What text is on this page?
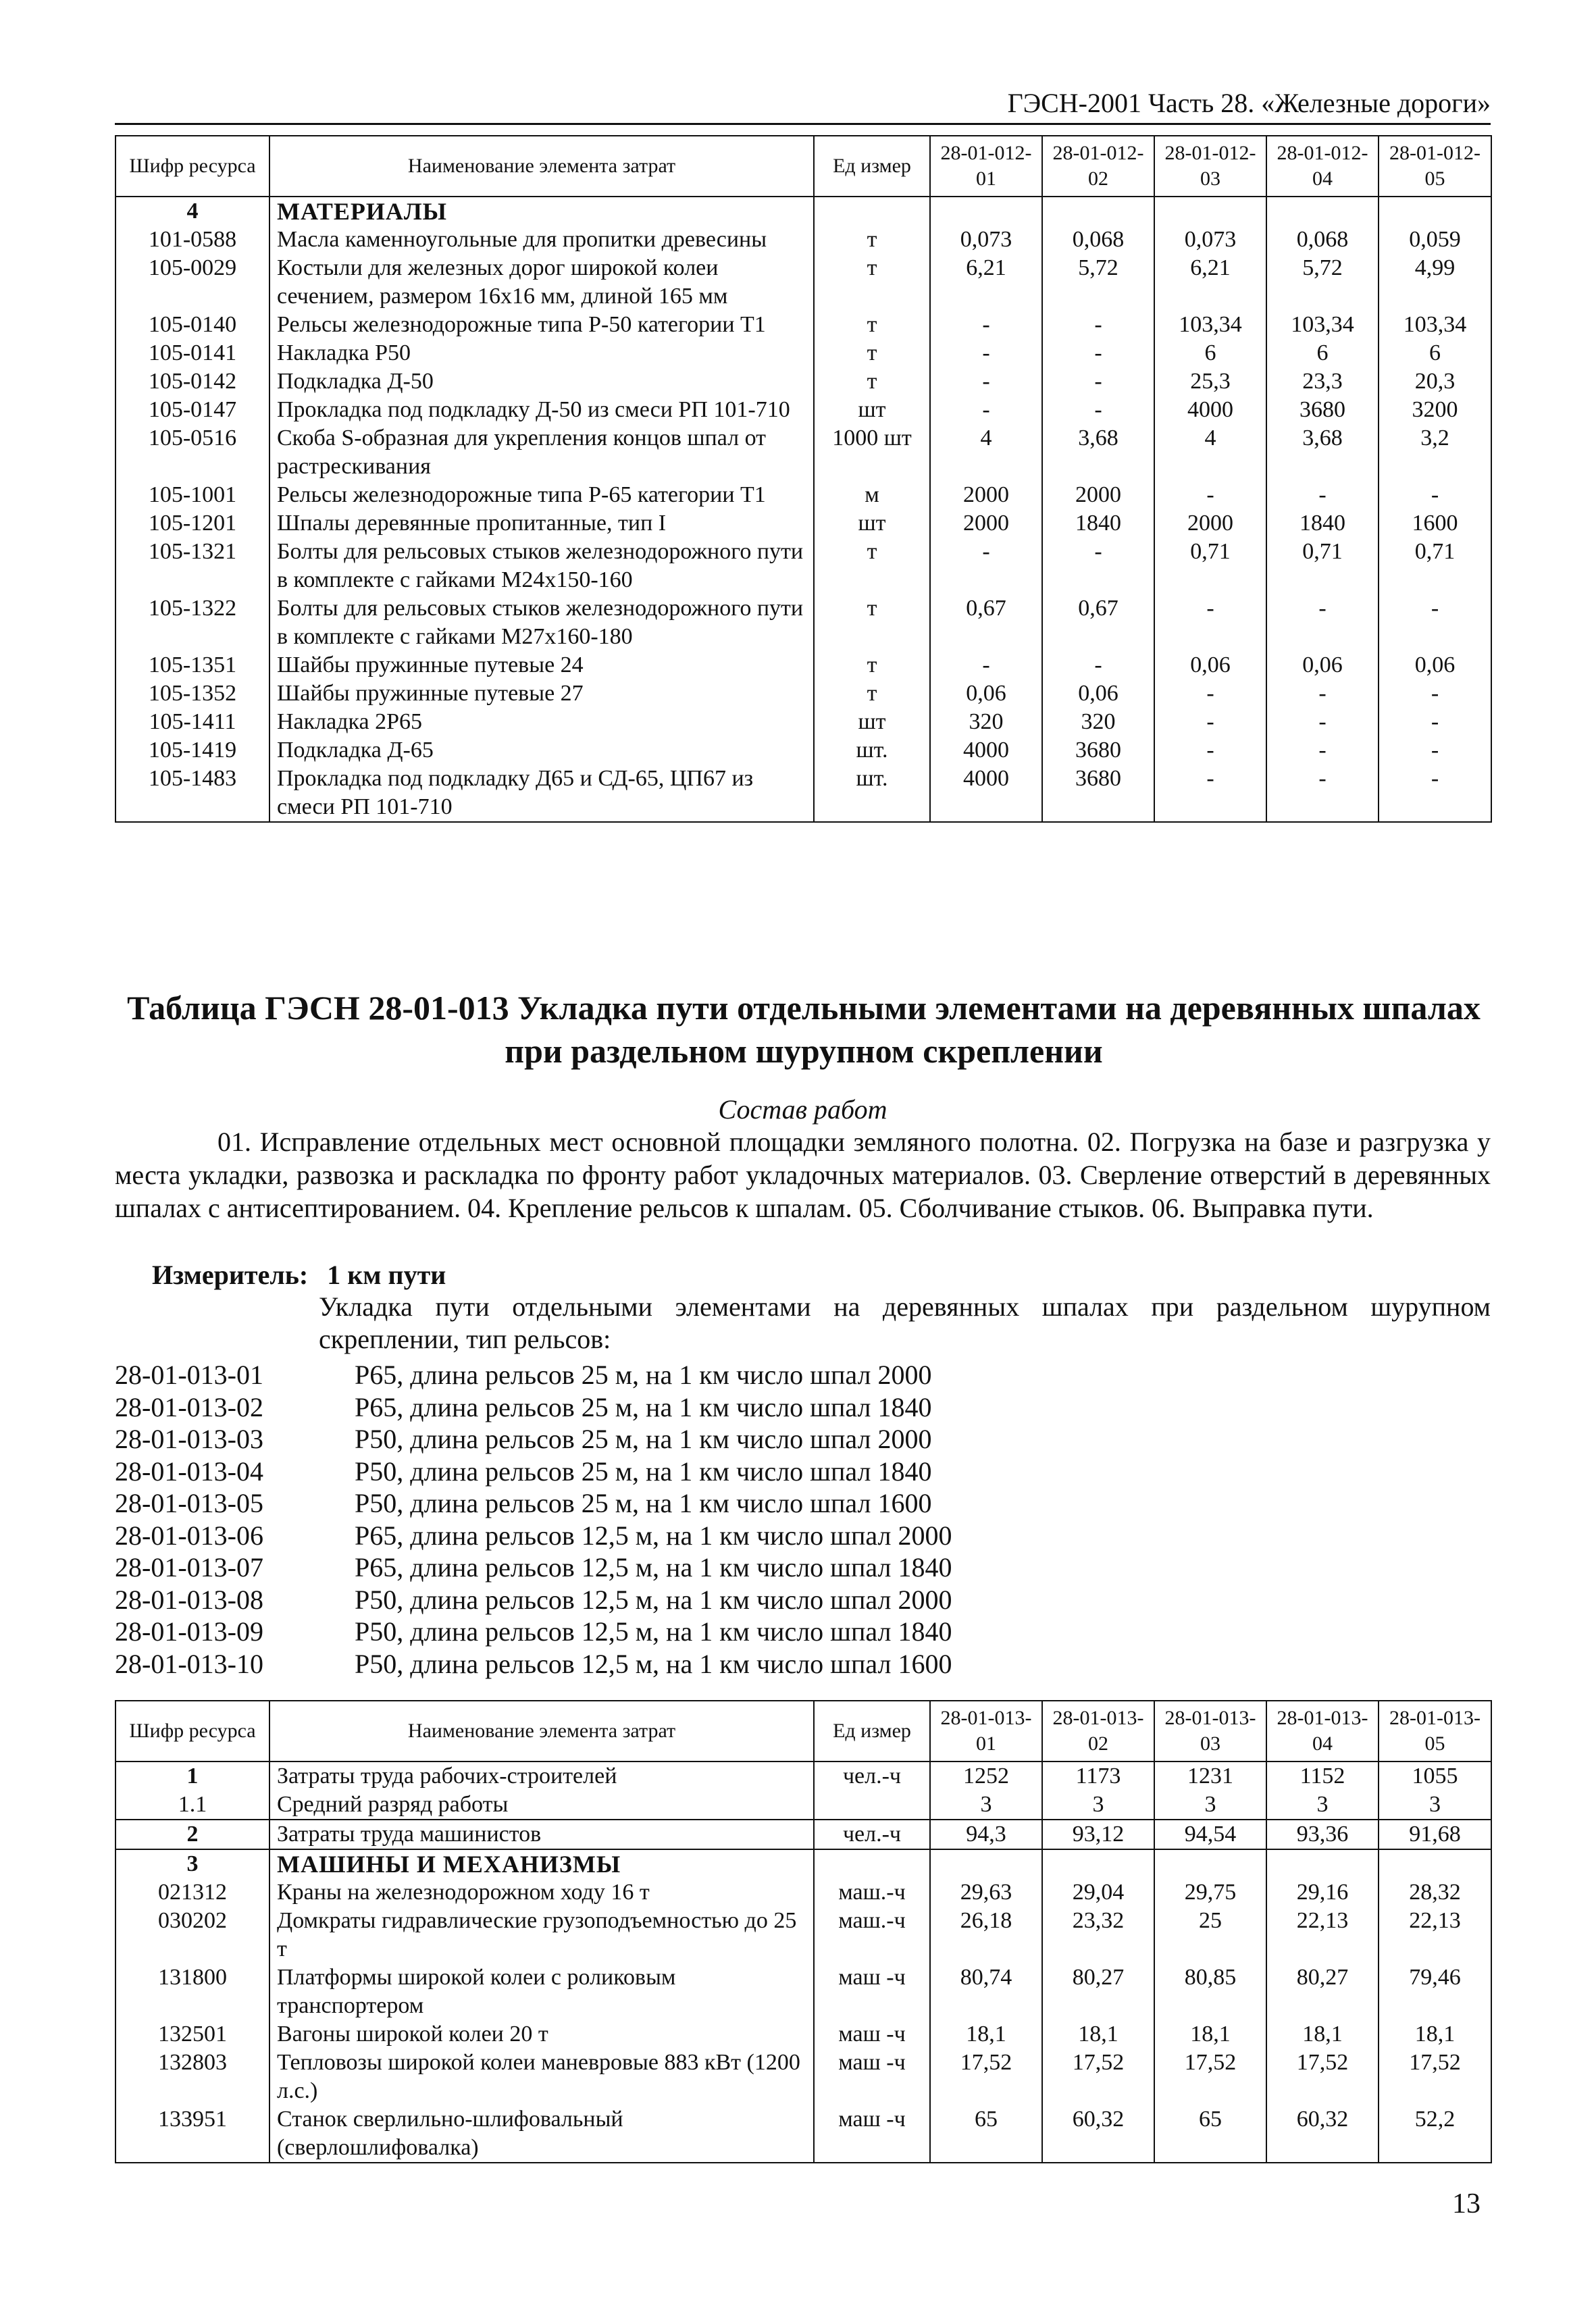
ГЭСН-2001 Часть 28. «Железные дороги»
Шифр ресурса	Наименование элемента затрат	Ед измер	28-01-012-01	28-01-012-02	28-01-012-03	28-01-012-04	28-01-012-05
4	МАТЕРИАЛЫ						
101-0588	Масла каменноугольные для пропитки древесины	т	0,073	0,068	0,073	0,068	0,059
105-0029	Костыли для железных дорог широкой колеи сечением, размером 16х16 мм, длиной 165 мм	т	6,21	5,72	6,21	5,72	4,99
105-0140	Рельсы железнодорожные типа Р-50 категории Т1	т	-	-	103,34	103,34	103,34
105-0141	Накладка Р50	т	-	-	6	6	6
105-0142	Подкладка Д-50	т	-	-	25,3	23,3	20,3
105-0147	Прокладка под подкладку Д-50 из смеси РП 101-710	шт	-	-	4000	3680	3200
105-0516	Скоба S-образная для укрепления концов шпал от растрескивания	1000 шт	4	3,68	4	3,68	3,2
105-1001	Рельсы железнодорожные типа Р-65 категории Т1	м	2000	2000	-	-	-
105-1201	Шпалы деревянные пропитанные, тип I	шт	2000	1840	2000	1840	1600
105-1321	Болты для рельсовых стыков железнодорожного пути в комплекте с гайками М24х150-160	т	-	-	0,71	0,71	0,71
105-1322	Болты для рельсовых стыков железнодорожного пути в комплекте с гайками М27х160-180	т	0,67	0,67	-	-	-
105-1351	Шайбы пружинные путевые 24	т	-	-	0,06	0,06	0,06
105-1352	Шайбы пружинные путевые 27	т	0,06	0,06	-	-	-
105-1411	Накладка 2Р65	шт	320	320	-	-	-
105-1419	Подкладка Д-65	шт.	4000	3680	-	-	-
105-1483	Прокладка под подкладку Д65 и СД-65, ЦП67 из смеси РП 101-710	шт.	4000	3680	-	-	-
Таблица ГЭСН 28-01-013 Укладка пути отдельными элементами на деревянных шпалах при раздельном шурупном скреплении
Состав работ
01. Исправление отдельных мест основной площадки земляного полотна. 02. Погрузка на базе и разгрузка у места укладки, развозка и раскладка по фронту работ укладочных материалов. 03. Сверление отверстий в деревянных шпалах с антисептированием. 04. Крепление рельсов к шпалам. 05. Сболчивание стыков. 06. Выправка пути.
Измеритель: 1 км пути
Укладка пути отдельными элементами на деревянных шпалах при раздельном шурупном скреплении, тип рельсов:
28-01-013-01	Р65, длина рельсов 25 м, на 1 км число шпал 2000
28-01-013-02	Р65, длина рельсов 25 м, на 1 км число шпал 1840
28-01-013-03	Р50, длина рельсов 25 м, на 1 км число шпал 2000
28-01-013-04	Р50, длина рельсов 25 м, на 1 км число шпал 1840
28-01-013-05	Р50, длина рельсов 25 м, на 1 км число шпал 1600
28-01-013-06	Р65, длина рельсов 12,5 м, на 1 км число шпал 2000
28-01-013-07	Р65, длина рельсов 12,5 м, на 1 км число шпал 1840
28-01-013-08	Р50, длина рельсов 12,5 м, на 1 км число шпал 2000
28-01-013-09	Р50, длина рельсов 12,5 м, на 1 км число шпал 1840
28-01-013-10	Р50, длина рельсов 12,5 м, на 1 км число шпал 1600
Шифр ресурса	Наименование элемента затрат	Ед измер	28-01-013-01	28-01-013-02	28-01-013-03	28-01-013-04	28-01-013-05
1	Затраты труда рабочих-строителей	чел.-ч	1252	1173	1231	1152	1055
1.1	Средний разряд работы		3	3	3	3	3
2	Затраты труда машинистов	чел.-ч	94,3	93,12	94,54	93,36	91,68
3	МАШИНЫ И МЕХАНИЗМЫ						
021312	Краны на железнодорожном ходу 16 т	маш.-ч	29,63	29,04	29,75	29,16	28,32
030202	Домкраты гидравлические грузоподъемностью до 25 т	маш.-ч	26,18	23,32	25	22,13	22,13
131800	Платформы широкой колеи с роликовым транспортером	маш -ч	80,74	80,27	80,85	80,27	79,46
132501	Вагоны широкой колеи 20 т	маш -ч	18,1	18,1	18,1	18,1	18,1
132803	Тепловозы широкой колеи маневровые 883 кВт (1200 л.с.)	маш -ч	17,52	17,52	17,52	17,52	17,52
133951	Станок сверлильно-шлифовальный (сверлошлифовалка)	маш -ч	65	60,32	65	60,32	52,2
13
